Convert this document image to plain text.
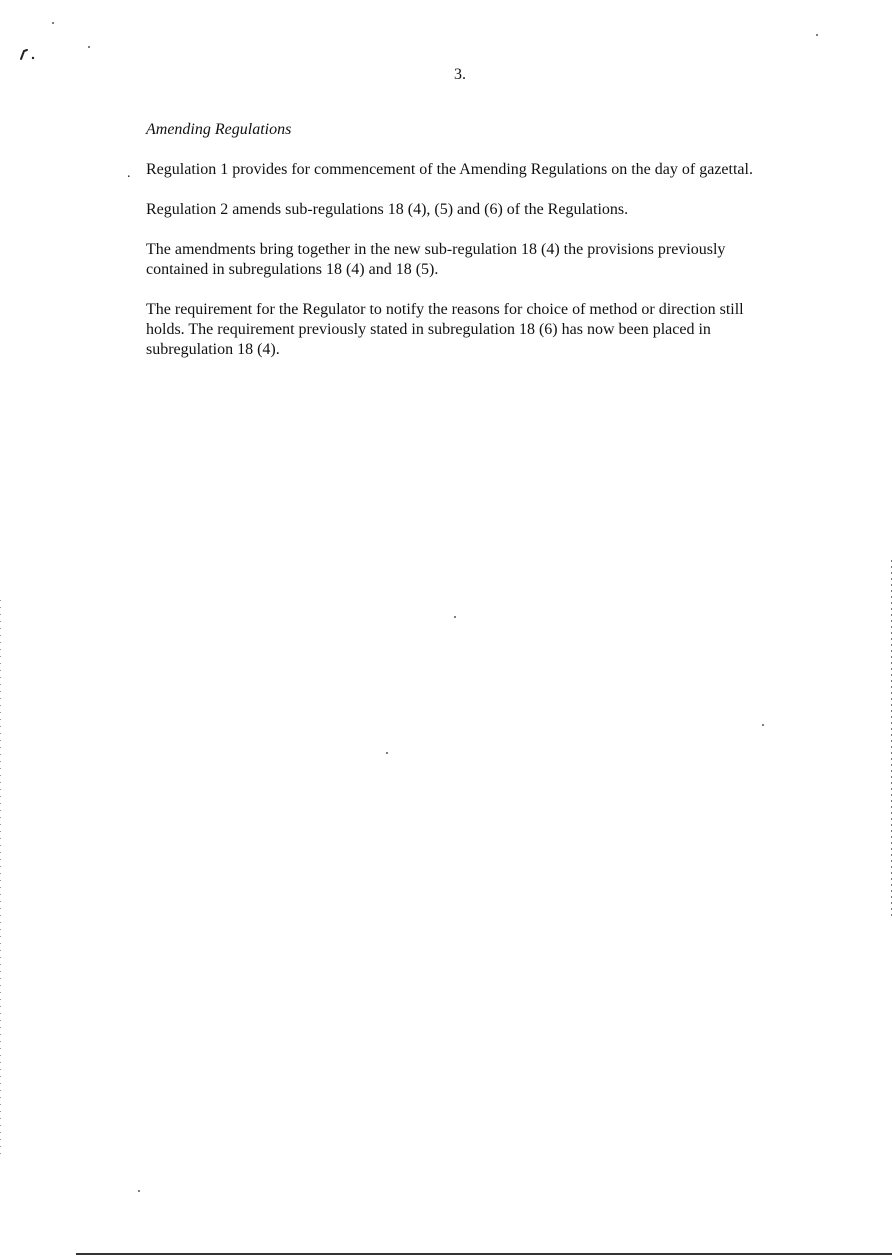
3.
.

Amending Regulations

Regulation 1 provides for commencement of the Amending Regulations on the day of gazettal.

Regulation 2 amends sub-regulations 18 (4), (5) and (6) of the Regulations.

The amendments bring together in the new sub-regulation 18 (4) the provisions previously contained in subregulations 18 (4) and 18 (5).

The requirement for the Regulator to notify the reasons for choice of method or direction still holds. The requirement previously stated in subregulation 18 (6) has now been placed in subregulation 18 (4).
